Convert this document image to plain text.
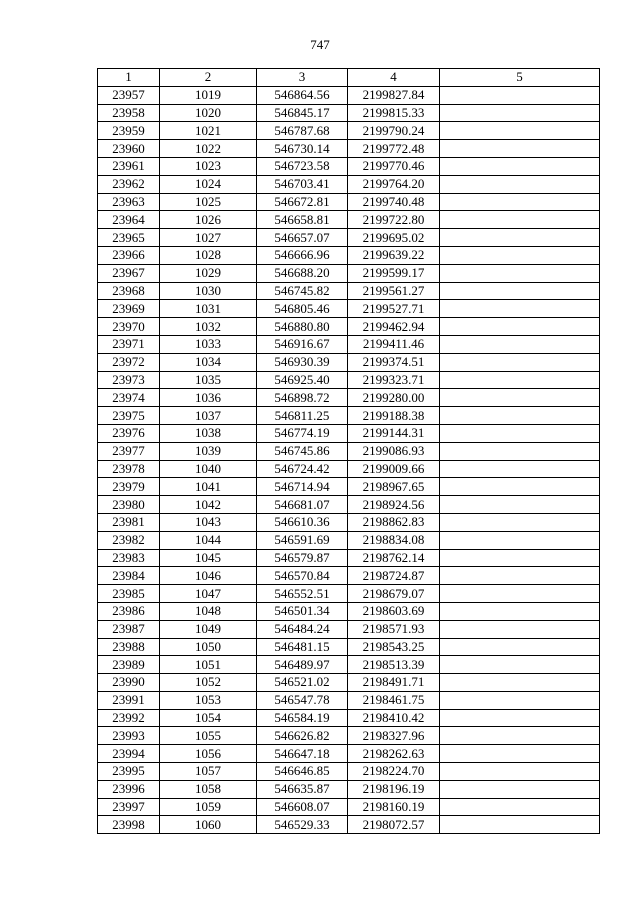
747
1	2	3	4	5
23957	1019	546864.56	2199827.84	
23958	1020	546845.17	2199815.33	
23959	1021	546787.68	2199790.24	
23960	1022	546730.14	2199772.48	
23961	1023	546723.58	2199770.46	
23962	1024	546703.41	2199764.20	
23963	1025	546672.81	2199740.48	
23964	1026	546658.81	2199722.80	
23965	1027	546657.07	2199695.02	
23966	1028	546666.96	2199639.22	
23967	1029	546688.20	2199599.17	
23968	1030	546745.82	2199561.27	
23969	1031	546805.46	2199527.71	
23970	1032	546880.80	2199462.94	
23971	1033	546916.67	2199411.46	
23972	1034	546930.39	2199374.51	
23973	1035	546925.40	2199323.71	
23974	1036	546898.72	2199280.00	
23975	1037	546811.25	2199188.38	
23976	1038	546774.19	2199144.31	
23977	1039	546745.86	2199086.93	
23978	1040	546724.42	2199009.66	
23979	1041	546714.94	2198967.65	
23980	1042	546681.07	2198924.56	
23981	1043	546610.36	2198862.83	
23982	1044	546591.69	2198834.08	
23983	1045	546579.87	2198762.14	
23984	1046	546570.84	2198724.87	
23985	1047	546552.51	2198679.07	
23986	1048	546501.34	2198603.69	
23987	1049	546484.24	2198571.93	
23988	1050	546481.15	2198543.25	
23989	1051	546489.97	2198513.39	
23990	1052	546521.02	2198491.71	
23991	1053	546547.78	2198461.75	
23992	1054	546584.19	2198410.42	
23993	1055	546626.82	2198327.96	
23994	1056	546647.18	2198262.63	
23995	1057	546646.85	2198224.70	
23996	1058	546635.87	2198196.19	
23997	1059	546608.07	2198160.19	
23998	1060	546529.33	2198072.57	
